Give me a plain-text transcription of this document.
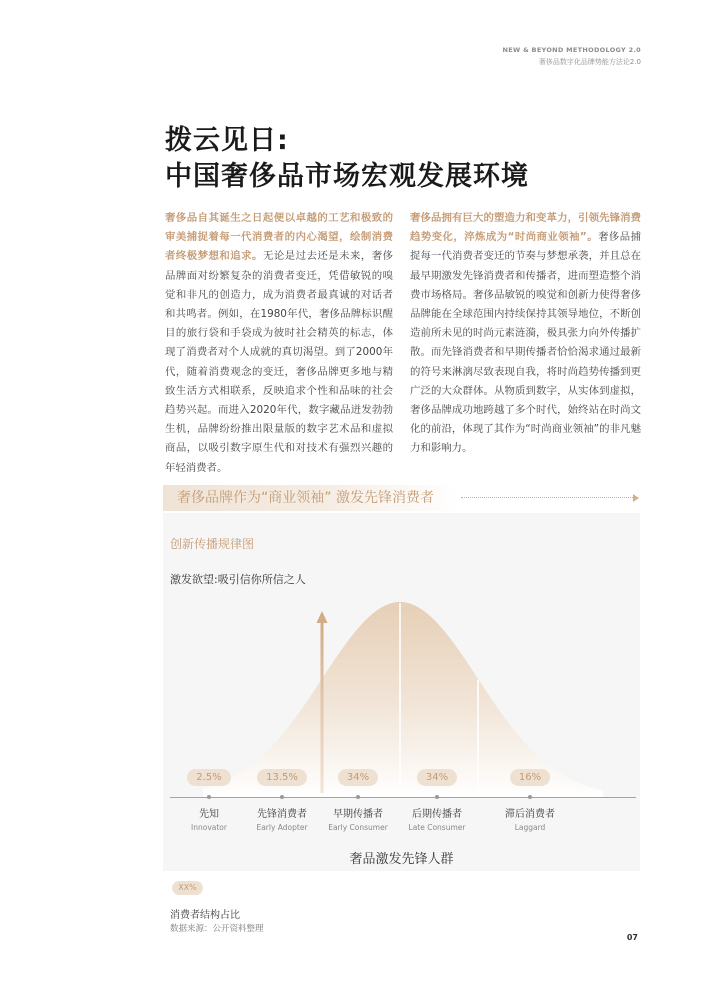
NEW & BEYOND METHODOLOGY 2.0
奢侈品数字化品牌势能方法论2.0
拨云见日:
中国奢侈品市场宏观发展环境
奢侈品自其诞生之日起便以卓越的工艺和极致的审美捕捉着每一代消费者的内心渴望，绘制消费者终极梦想和追求。无论是过去还是未来，奢侈品牌面对纷繁复杂的消费者变迁，凭借敏锐的嗅觉和非凡的创造力，成为消费者最真诚的对话者和共鸣者。例如，在1980年代，奢侈品牌标识醒目的旅行袋和手袋成为彼时社会精英的标志，体现了消费者对个人成就的真切渴望。到了2000年代，随着消费观念的变迁，奢侈品牌更多地与精致生活方式相联系，反映追求个性和品味的社会趋势兴起。而进入2020年代，数字藏品迸发勃勃生机，品牌纷纷推出限量版的数字艺术品和虚拟商品，以吸引数字原生代和对技术有强烈兴趣的年轻消费者。
奢侈品拥有巨大的塑造力和变革力，引领先锋消费趋势变化，淬炼成为“时尚商业领袖”。奢侈品捕捉每一代消费者变迁的节奏与梦想承袭，并且总在最早期激发先锋消费者和传播者，进而塑造整个消费市场格局。奢侈品敏锐的嗅觉和创新力使得奢侈品牌能在全球范围内持续保持其领导地位，不断创造前所未见的时尚元素涟漪，极具张力向外传播扩散。而先锋消费者和早期传播者恰恰渴求通过最新的符号来淋漓尽致表现自我，将时尚趋势传播到更广泛的大众群体。从物质到数字，从实体到虚拟，奢侈品牌成功地跨越了多个时代，始终站在时尚文化的前沿，体现了其作为“时尚商业领袖”的非凡魅力和影响力。
奢侈品牌作为“商业领袖” 激发先锋消费者
创新传播规律图
激发欲望:吸引信你所信之人
2.5%
先知
Innovator
13.5%
先锋消费者
Early Adopter
34%
早期传播者
Early Consumer
34%
后期传播者
Late Consumer
16%
滞后消费者
Laggard
奢品激发先锋人群
XX%
消费者结构占比
数据来源：公开资料整理
07
